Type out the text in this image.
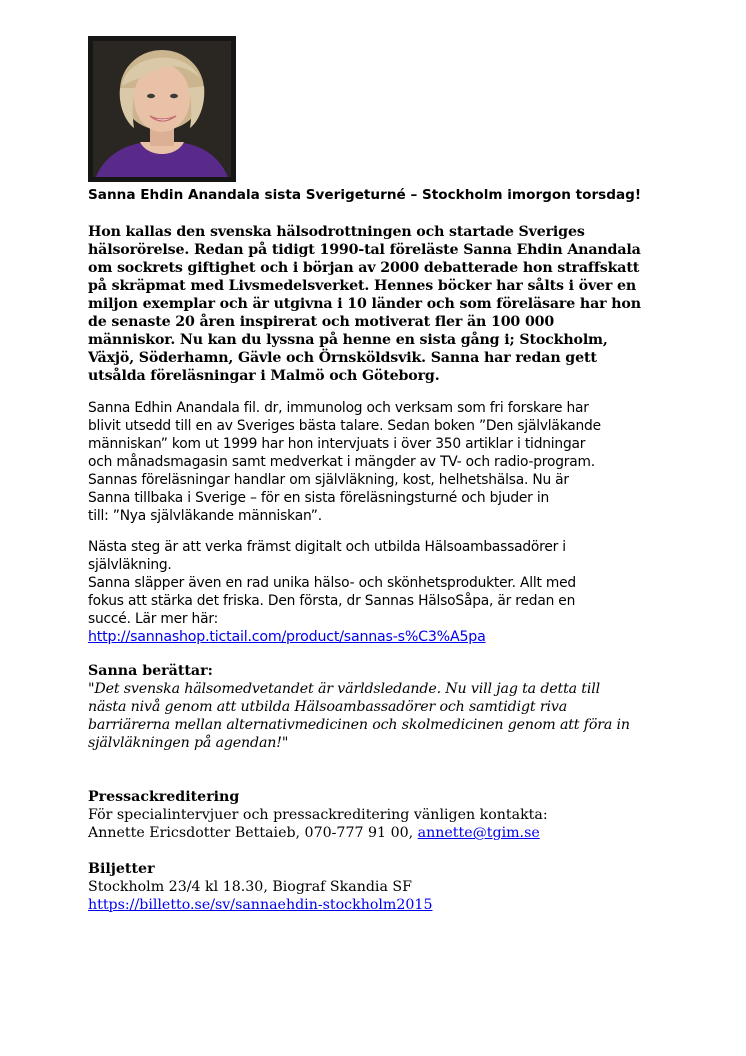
Sanna Ehdin Anandala sista Sverigeturné – Stockholm imorgon torsdag!

Hon kallas den svenska hälsodrottningen och startade Sveriges
hälsorörelse. Redan på tidigt 1990-tal föreläste Sanna Ehdin Anandala
om sockrets giftighet och i början av 2000 debatterade hon straffskatt
på skräpmat med Livsmedelsverket. Hennes böcker har sålts i över en
miljon exemplar och är utgivna i 10 länder och som föreläsare har hon
de senaste 20 åren inspirerat och motiverat fler än 100 000
människor. Nu kan du lyssna på henne en sista gång i; Stockholm,
Växjö, Söderhamn, Gävle och Örnsköldsvik. Sanna har redan gett
utsålda föreläsningar i Malmö och Göteborg.
Sanna Edhin Anandala fil. dr, immunolog och verksam som fri forskare har
blivit utsedd till en av Sveriges bästa talare. Sedan boken ”Den självläkande
människan” kom ut 1999 har hon intervjuats i över 350 artiklar i tidningar
och månadsmagasin samt medverkat i mängder av TV- och radio-program.
Sannas föreläsningar handlar om självläkning, kost, helhetshälsa. Nu är
Sanna tillbaka i Sverige – för en sista föreläsningsturné och bjuder in
till: ”Nya självläkande människan”.
Nästa steg är att verka främst digitalt och utbilda Hälsoambassadörer i
självläkning.
Sanna släpper även en rad unika hälso- och skönhetsprodukter. Allt med
fokus att stärka det friska. Den första, dr Sannas HälsoSåpa, är redan en
succé. Lär mer här:
http://sannashop.tictail.com/product/sannas-s%C3%A5pa

Sanna berättar:

"Det svenska hälsomedvetandet är världsledande. Nu vill jag ta detta till
nästa nivå genom att utbilda Hälsoambassadörer och samtidigt riva
barriärerna mellan alternativmedicinen och skolmedicinen genom att föra in
självläkningen på agendan!"

Pressackreditering

För specialintervjuer och pressackreditering vänligen kontakta:

Annette Ericsdotter Bettaieb, 070-777 91 00, annette@tgim.se

Biljetter

Stockholm 23/4 kl 18.30, Biograf Skandia SF

https://billetto.se/sv/sannaehdin-stockholm2015
